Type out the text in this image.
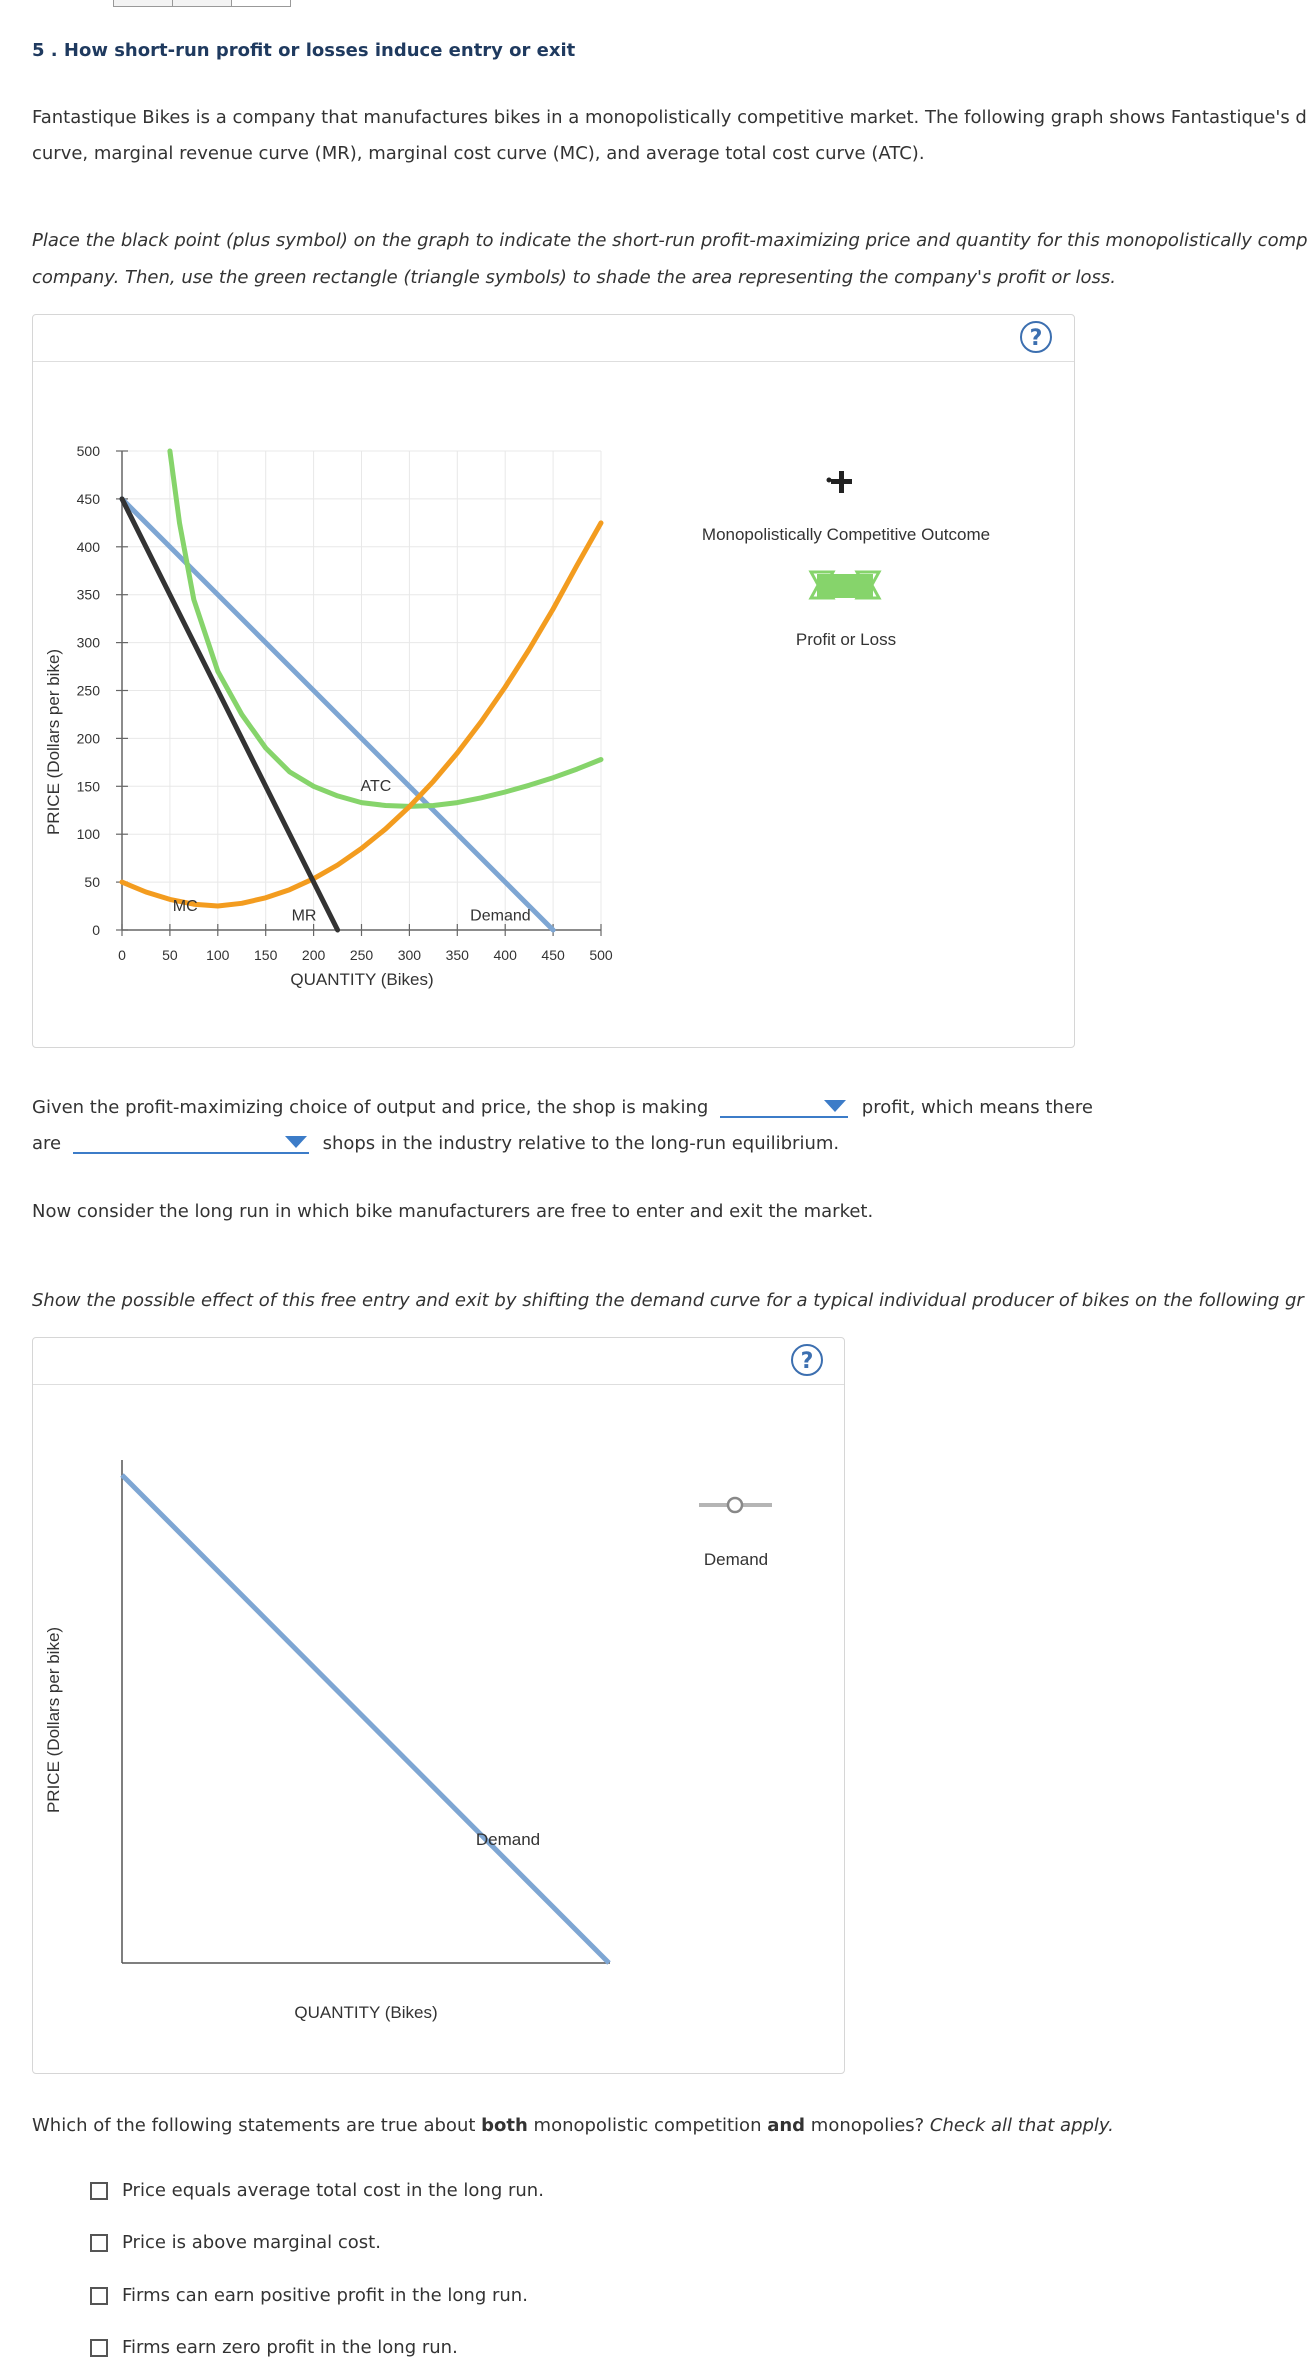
5 . How short-run profit or losses induce entry or exit
Fantastique Bikes is a company that manufactures bikes in a monopolistically competitive market. The following graph shows Fantastique's d
curve, marginal revenue curve (MR), marginal cost curve (MC), and average total cost curve (ATC).
Place the black point (plus symbol) on the graph to indicate the short-run profit-maximizing price and quantity for this monopolistically comp
company. Then, use the green rectangle (triangle symbols) to shade the area representing the company's profit or loss.
?
500
450
400
350
300
250
200
150
100
50
0
0	50 100 150 200 250 300 350 400 450 500
ATC
MC
MR	Demand
PRICE (Dollars per bike)
QUANTITY (Bikes)
Monopolistically Competitive Outcome
Profit or Loss
Given the profit-maximizing choice of output and price, the shop is making	profit, which means there
are	shops in the industry relative to the long-run equilibrium.
Now consider the long run in which bike manufacturers are free to enter and exit the market.
Show the possible effect of this free entry and exit by shifting the demand curve for a typical individual producer of bikes on the following gr
?
Demand
PRICE (Dollars per bike)
QUANTITY (Bikes)
Demand
Which of the following statements are true about both monopolistic competition and monopolies? Check all that apply.
Price equals average total cost in the long run.
Price is above marginal cost.
Firms can earn positive profit in the long run.
Firms earn zero profit in the long run.
